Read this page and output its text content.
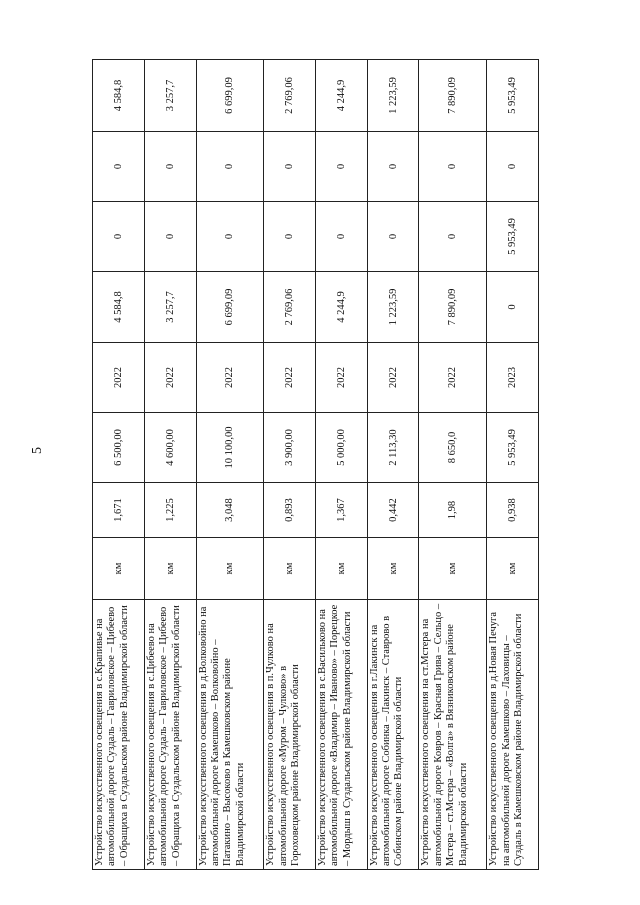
5
Устройство искусственного освещения в с.Крапивье на автомобильной дороге Суздаль – Гавриловское – Цибеево – Обращиха в Суздальском районе Владимирской области	км	1,671	6 500,00	2022	4 584,8	0	0	4 584,8
Устройство искусственного освещения в с.Цибеево на автомобильной дороге Суздаль – Гавриловское – Цибеево – Обращиха в Суздальском районе Владимирской области	км	1,225	4 600,00	2022	3 257,7	0	0	3 257,7
Устройство искусственного освещения в д.Волковойно на автомобильной дороге Камешково – Волковойно – Патакино – Высоково в Камешковском районе Владимирской области	км	3,048	10 100,00	2022	6 699,09	0	0	6 699,09
Устройство искусственного освещения в п.Чулково на автомобильной дороге «Муром – Чулково» в Гороховецком районе Владимирской области	км	0,893	3 900,00	2022	2 769,06	0	0	2 769,06
Устройство искусственного освещения в с.Васильково на автомобильной дороге «Владимир – Иваново» – Порецкое – Мордыш в Суздальском районе Владимирской области	км	1,367	5 000,00	2022	4 244,9	0	0	4 244,9
Устройство искусственного освещения в г.Лакинск на автомобильной дороге Собинка – Лакинск – Ставрово в Собинском районе Владимирской области	км	0,442	2 113,30	2022	1 223,59	0	0	1 223,59
Устройство искусственного освещения на ст.Мстера на автомобильной дороге Ковров – Красная Грива – Сельцо – Мстера – ст.Мстера – «Волга» в Вязниковском районе Владимирской области	км	1,98	8 650,0	2022	7 890,09	0	0	7 890,09
Устройство искусственного освещения в д.Новая Печуга на автомобильной дороге Камешково – Лаховицы – Суздаль в Камешковском районе Владимирской области	км	0,938	5 953,49	2023	0	5 953,49	0	5 953,49
